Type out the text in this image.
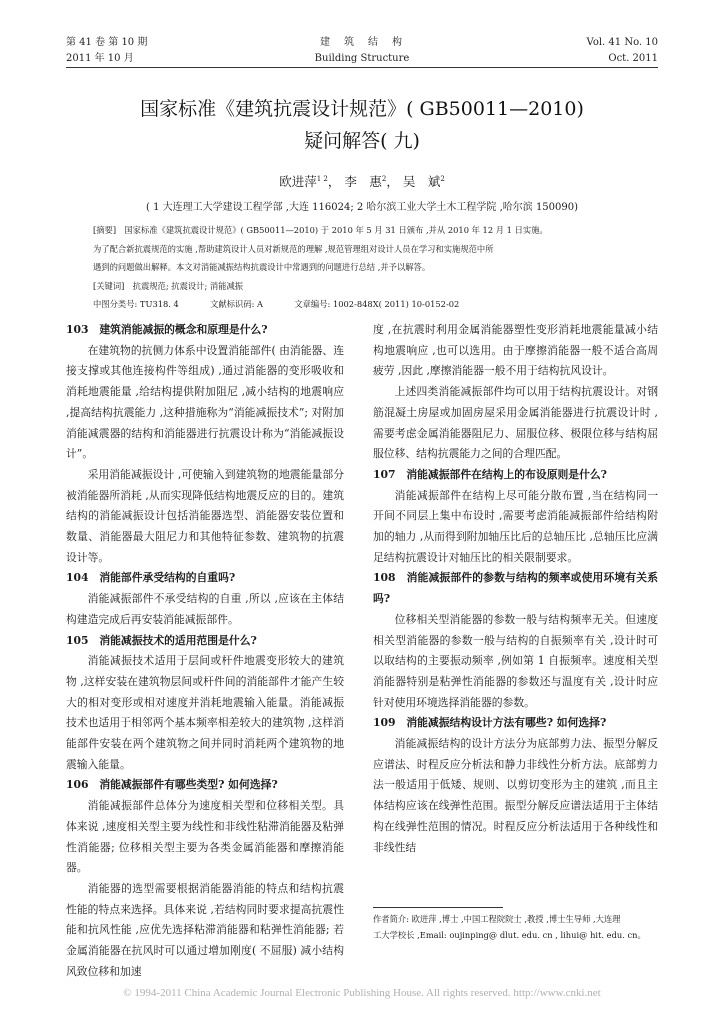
第 41 卷 第 10 期
2011 年 10 月
建　筑　结　构
Building Structure
Vol. 41 No. 10
Oct. 2011
国家标准《建筑抗震设计规范》( GB50011—2010)
疑问解答( 九)
欧进萍$^{1 2}$， 李　惠$^2$， 吴　斌$^2$
( 1 大连理工大学建设工程学部 ,大连 116024; 2 哈尔滨工业大学土木工程学院 ,哈尔滨 150090)
[摘要]　国家标准《建筑抗震设计规范》( GB50011—2010) 于 2010 年 5 月 31 日颁布 ,并从 2010 年 12 月 1 日实施。
为了配合新抗震规范的实施 ,帮助建筑设计人员对新规范的理解 ,规范管理组对设计人员在学习和实施规范中所
遇到的问题做出解释。本文对消能减振结构抗震设计中常遇到的问题进行总结 ,并予以解答。
[关键词]　抗震规范; 抗震设计; 消能减振
中图分类号: TU318. 4	文献标识码: A	文章编号: 1002-848X( 2011) 10-0152-02

103　建筑消能减振的概念和原理是什么?

在建筑物的抗侧力体系中设置消能部件( 由消能器、连接支撑或其他连接构件等组成) ,通过消能器的变形吸收和消耗地震能量 ,给结构提供附加阻尼 ,减小结构的地震响应 ,提高结构抗震能力 ,这种措施称为“消能减振技术”; 对附加消能减震器的结构和消能器进行抗震设计称为“消能减振设计”。

采用消能减振设计 ,可使输入到建筑物的地震能量部分被消能器所消耗 ,从而实现降低结构地震反应的目的。建筑结构的消能减振设计包括消能器选型、消能器安装位置和数量、消能器最大阻尼力和其他特征参数、建筑物的抗震设计等。

104　消能部件承受结构的自重吗?

消能减振部件不承受结构的自重 ,所以 ,应该在主体结构建造完成后再安装消能减振部件。

105　消能减振技术的适用范围是什么?

消能减振技术适用于层间或杆件地震变形较大的建筑物 ,这样安装在建筑物层间或杆件间的消能部件才能产生较大的相对变形或相对速度并消耗地震输入能量。消能减振技术也适用于相邻两个基本频率相差较大的建筑物 ,这样消能部件安装在两个建筑物之间并同时消耗两个建筑物的地震输入能量。

106　消能减振部件有哪些类型? 如何选择?

消能减振部件总体分为速度相关型和位移相关型。具体来说 ,速度相关型主要为线性和非线性粘滞消能器及粘弹性消能器; 位移相关型主要为各类金属消能器和摩擦消能器。

消能器的选型需要根据消能器消能的特点和结构抗震性能的特点来选择。具体来说 ,若结构同时要求提高抗震性能和抗风性能 ,应优先选择粘滞消能器和粘弹性消能器; 若金属消能器在抗风时可以通过增加刚度( 不屈服) 减小结构风致位移和加速

度 ,在抗震时利用金属消能器塑性变形消耗地震能量减小结构地震响应 ,也可以选用。由于摩擦消能器一般不适合高周疲劳 ,因此 ,摩擦消能器一般不用于结构抗风设计。

上述四类消能减振部件均可以用于结构抗震设计。对钢筋混凝土房屋或加固房屋采用金属消能器进行抗震设计时 ,需要考虑金属消能器阻尼力、屈服位移、极限位移与结构屈服位移、结构抗震能力之间的合理匹配。

107　消能减振部件在结构上的布设原则是什么?

消能减振部件在结构上尽可能分散布置 ,当在结构同一开间不同层上集中布设时 ,需要考虑消能减振部件给结构附加的轴力 ,从而得到附加轴压比后的总轴压比 ,总轴压比应满足结构抗震设计对轴压比的相关限制要求。

108　消能减振部件的参数与结构的频率或使用环境有关系吗?

位移相关型消能器的参数一般与结构频率无关。但速度相关型消能器的参数一般与结构的自振频率有关 ,设计时可以取结构的主要振动频率 ,例如第 1 自振频率。速度相关型消能器特别是粘弹性消能器的参数还与温度有关 ,设计时应针对使用环境选择消能器的参数。

109　消能减振结构设计方法有哪些? 如何选择?

消能减振结构的设计方法分为底部剪力法、振型分解反应谱法、时程反应分析法和静力非线性分析方法。底部剪力法一般适用于低矮、规则、以剪切变形为主的建筑 ,而且主体结构应该在线弹性范围。振型分解反应谱法适用于主体结构在线弹性范围的情况。时程反应分析法适用于各种线性和非线性结

作者简介: 欧进萍 ,博士 ,中国工程院院士 ,教授 ,博士生导师 ,大连理
工大学校长 ,Email: oujinping@ dlut. edu. cn , lihui@ hit. edu. cn。
© 1994-2011 China Academic Journal Electronic Publishing House. All rights reserved. http://www.cnki.net
